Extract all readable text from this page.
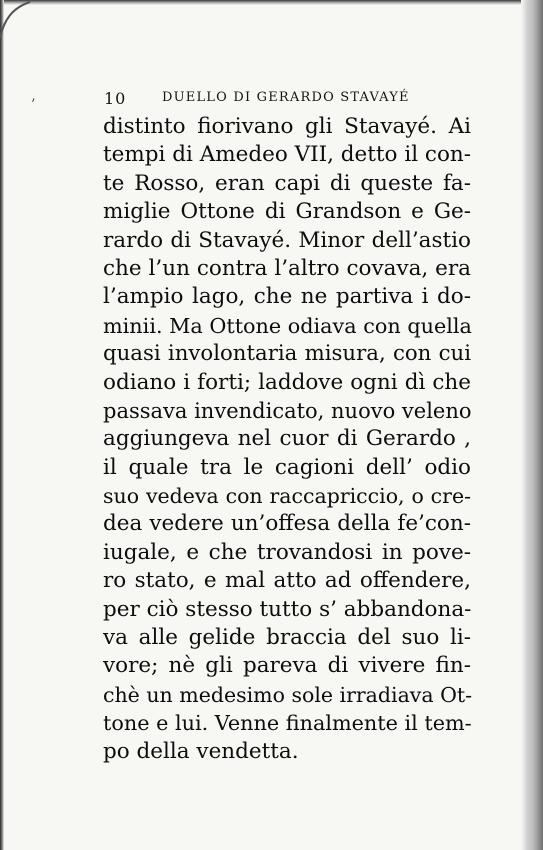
’	10	DUELLO DI GERARDO STAVAYÉ
distinto fiorivano gli Stavayé. Ai
tempi di Amedeo VII, detto il con-
te Rosso, eran capi di queste fa-
miglie Ottone di Grandson e Ge-
rardo di Stavayé. Minor dell’astio
che l’un contra l’altro covava, era
l’ampio lago, che ne partiva i do-
minii. Ma Ottone odiava con quella
quasi involontaria misura, con cui
odiano i forti; laddove ogni dì che
passava invendicato, nuovo veleno
aggiungeva nel cuor di Gerardo ,
il quale tra le cagioni dell’ odio
suo vedeva con raccapriccio, o cre-
dea vedere un’offesa della fe’con-
iugale, e che trovandosi in pove-
ro stato, e mal atto ad offendere,
per ciò stesso tutto s’ abbandona-
va alle gelide braccia del suo li-
vore; nè gli pareva di vivere fin-
chè un medesimo sole irradiava Ot-
tone e lui. Venne finalmente il tem-
po della vendetta.
